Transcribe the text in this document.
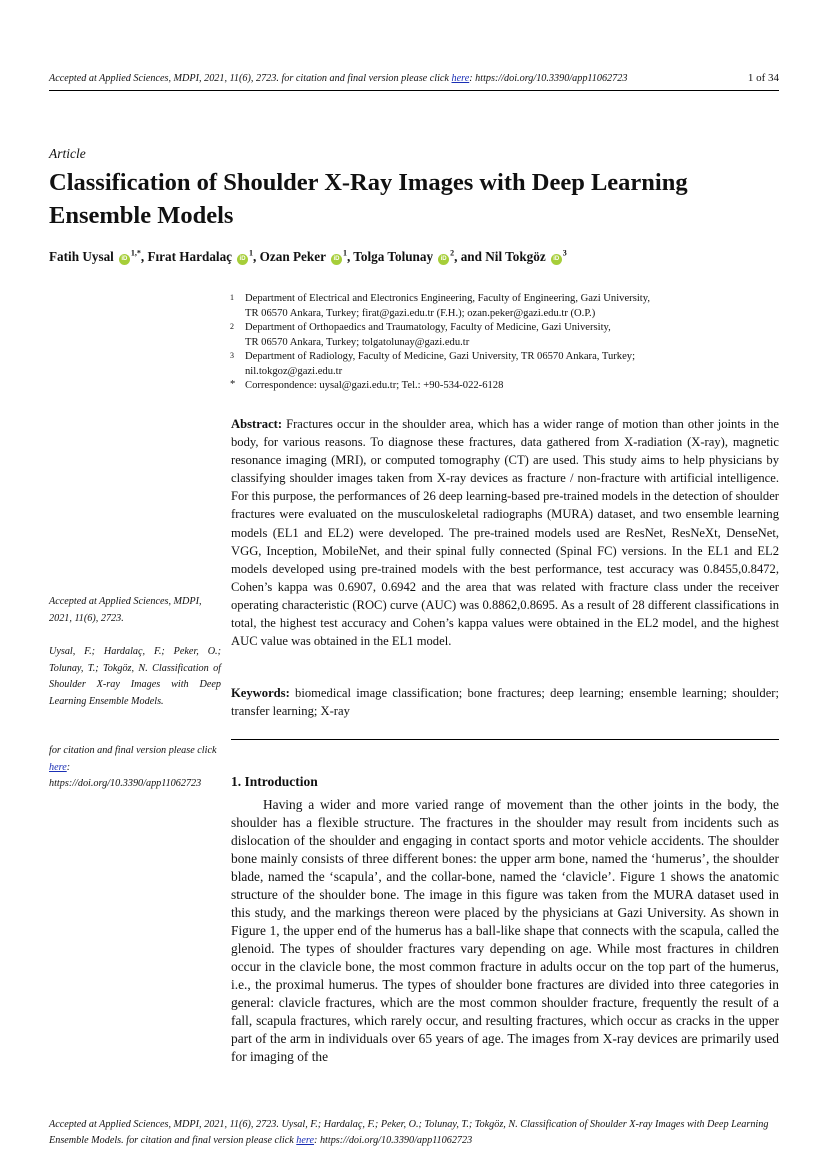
Accepted at Applied Sciences, MDPI, 2021, 11(6), 2723. for citation and final version please click here: https://doi.org/10.3390/app11062723	1 of 34
Article
Classification of Shoulder X-Ray Images with Deep Learning Ensemble Models
Fatih Uysal $iD^{1,*}$, Fırat Hardalaç $iD^1$, Ozan Peker $iD^1$, Tolga Tolunay $iD^2$, and Nil Tokgöz $iD^3$
1	Department of Electrical and Electronics Engineering, Faculty of Engineering, Gazi University,
TR 06570 Ankara, Turkey; firat@gazi.edu.tr (F.H.); ozan.peker@gazi.edu.tr (O.P.)
2	Department of Orthopaedics and Traumatology, Faculty of Medicine, Gazi University,
TR 06570 Ankara, Turkey; tolgatolunay@gazi.edu.tr
3	Department of Radiology, Faculty of Medicine, Gazi University, TR 06570 Ankara, Turkey;
nil.tokgoz@gazi.edu.tr
* Correspondence: uysal@gazi.edu.tr; Tel.: +90-534-022-6128

Abstract: Fractures occur in the shoulder area, which has a wider range of motion than other joints in the body, for various reasons. To diagnose these fractures, data gathered from X-radiation (X-ray), magnetic resonance imaging (MRI), or computed tomography (CT) are used. This study aims to help physicians by classifying shoulder images taken from X-ray devices as fracture / non-fracture with artificial intelligence. For this purpose, the performances of 26 deep learning-based pre-trained models in the detection of shoulder fractures were evaluated on the musculoskeletal radiographs (MURA) dataset, and two ensemble learning models (EL1 and EL2) were developed. The pre-trained models used are ResNet, ResNeXt, DenseNet, VGG, Inception, MobileNet, and their spinal fully connected (Spinal FC) versions. In the EL1 and EL2 models developed using pre-trained models with the best performance, test accuracy was 0.8455,0.8472, Cohen’s kappa was 0.6907, 0.6942 and the area that was related with fracture class under the receiver operating characteristic (ROC) curve (AUC) was 0.8862,0.8695. As a result of 28 different classifications in total, the highest test accuracy and Cohen’s kappa values were obtained in the EL2 model, and the highest AUC value was obtained in the EL1 model.

Keywords: biomedical image classification; bone fractures; deep learning; ensemble learning; shoulder; transfer learning; X-ray

Accepted at Applied Sciences, MDPI, 2021, 11(6), 2723.
Uysal, F.; Hardalaç, F.; Peker, O.; Tolunay, T.; Tokgöz, N. Classification of Shoulder X-ray Images with Deep Learning Ensemble Models.
for citation and final version please click here: https://doi.org/10.3390/app11062723	1. Introduction

Having a wider and more varied range of movement than the other joints in the body, the shoulder has a flexible structure. The fractures in the shoulder may result from incidents such as dislocation of the shoulder and engaging in contact sports and motor vehicle accidents. The shoulder bone mainly consists of three different bones: the upper arm bone, named the ‘humerus’, the shoulder blade, named the ‘scapula’, and the collar-bone, named the ‘clavicle’. Figure 1 shows the anatomic structure of the shoulder bone. The image in this figure was taken from the MURA dataset used in this study, and the markings thereon were placed by the physicians at Gazi University. As shown in Figure 1, the upper end of the humerus has a ball-like shape that connects with the scapula, called the glenoid. The types of shoulder fractures vary depending on age. While most fractures in children occur in the clavicle bone, the most common fracture in adults occur on the top part of the humerus, i.e., the proximal humerus. The types of shoulder bone fractures are divided into three categories in general: clavicle fractures, which are the most common shoulder fracture, frequently the result of a fall, scapula fractures, which rarely occur, and resulting fractures, which occur as cracks in the upper part of the arm in individuals over 65 years of age. The images from X-ray devices are primarily used for imaging of the

Accepted at Applied Sciences, MDPI, 2021, 11(6), 2723. Uysal, F.; Hardalaç, F.; Peker, O.; Tolunay, T.; Tokgöz, N. Classification of Shoulder X-ray Images with Deep Learning Ensemble Models. for citation and final version please click here: https://doi.org/10.3390/app11062723
